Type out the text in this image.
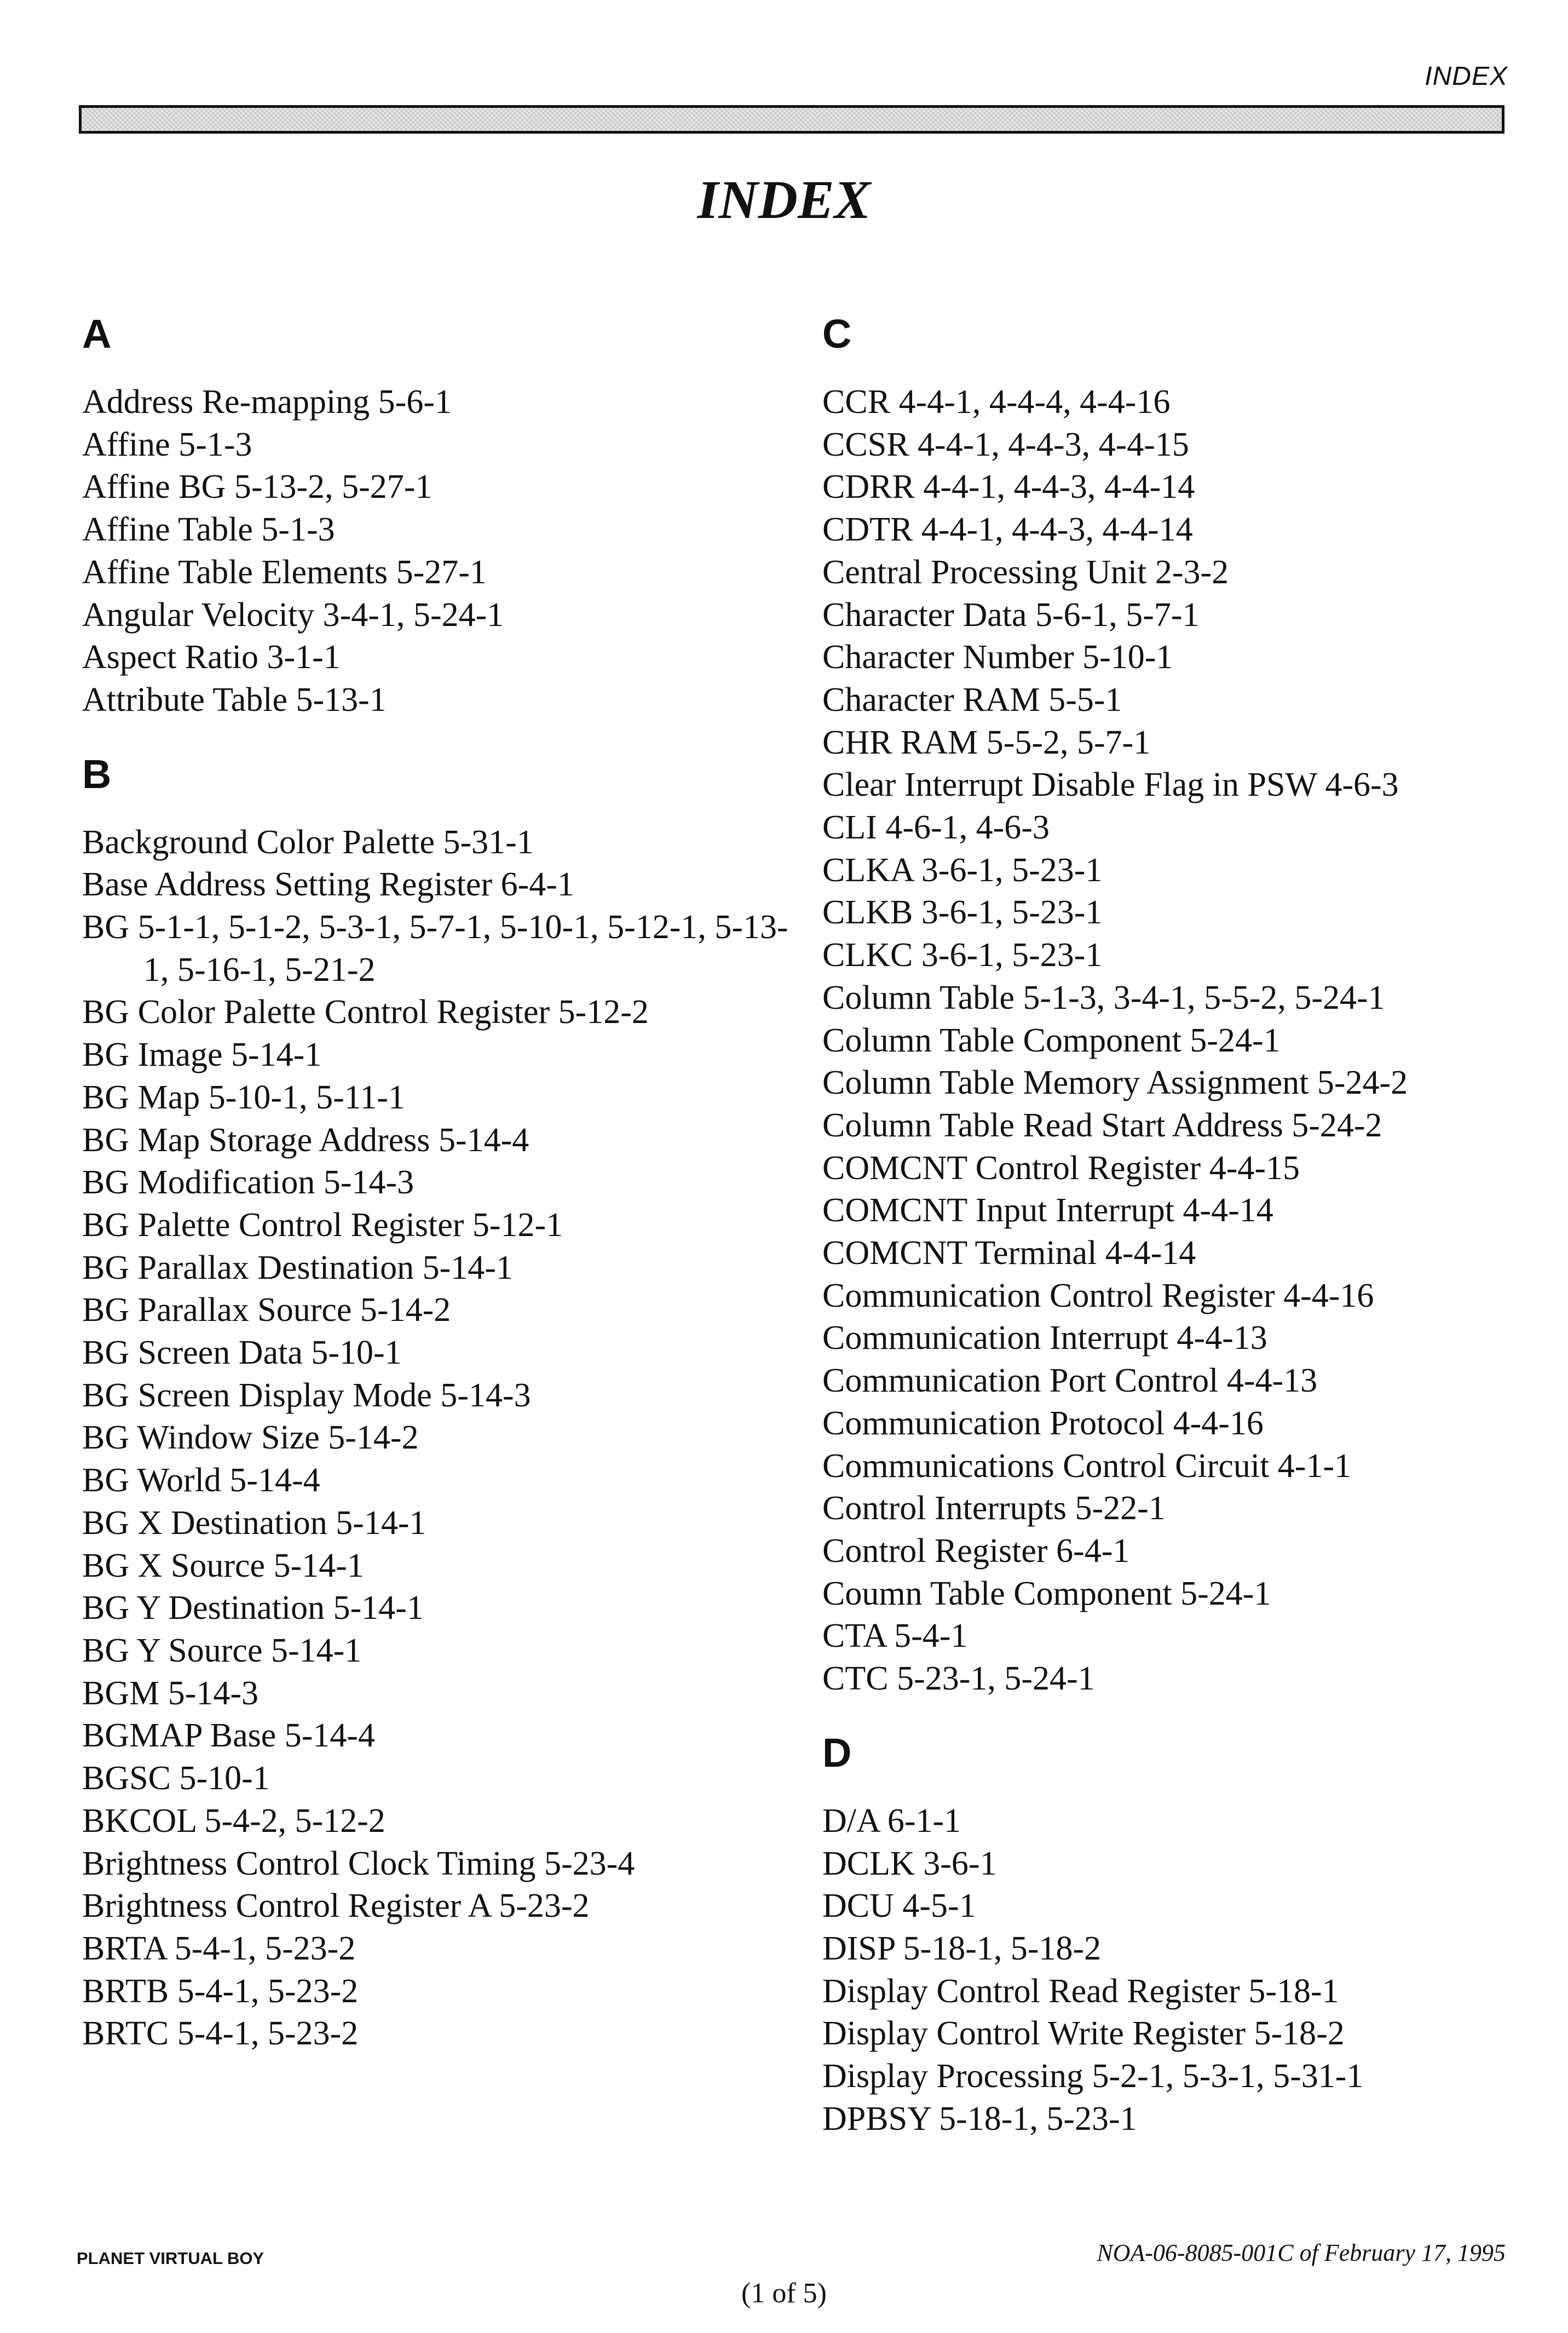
INDEX
INDEX
A
Address Re-mapping 5-6-1
Affine 5-1-3
Affine BG 5-13-2, 5-27-1
Affine Table 5-1-3
Affine Table Elements 5-27-1
Angular Velocity 3-4-1, 5-24-1
Aspect Ratio 3-1-1
Attribute Table 5-13-1
B
Background Color Palette 5-31-1
Base Address Setting Register 6-4-1
BG 5-1-1, 5-1-2, 5-3-1, 5-7-1, 5-10-1, 5-12-1, 5-13-1, 5-16-1, 5-21-2
BG Color Palette Control Register 5-12-2
BG Image 5-14-1
BG Map 5-10-1, 5-11-1
BG Map Storage Address 5-14-4
BG Modification 5-14-3
BG Palette Control Register 5-12-1
BG Parallax Destination 5-14-1
BG Parallax Source 5-14-2
BG Screen Data 5-10-1
BG Screen Display Mode 5-14-3
BG Window Size 5-14-2
BG World 5-14-4
BG X Destination 5-14-1
BG X Source 5-14-1
BG Y Destination 5-14-1
BG Y Source 5-14-1
BGM 5-14-3
BGMAP Base 5-14-4
BGSC 5-10-1
BKCOL 5-4-2, 5-12-2
Brightness Control Clock Timing 5-23-4
Brightness Control Register A 5-23-2
BRTA 5-4-1, 5-23-2
BRTB 5-4-1, 5-23-2
BRTC 5-4-1, 5-23-2
C
CCR 4-4-1, 4-4-4, 4-4-16
CCSR 4-4-1, 4-4-3, 4-4-15
CDRR 4-4-1, 4-4-3, 4-4-14
CDTR 4-4-1, 4-4-3, 4-4-14
Central Processing Unit 2-3-2
Character Data 5-6-1, 5-7-1
Character Number 5-10-1
Character RAM 5-5-1
CHR RAM 5-5-2, 5-7-1
Clear Interrupt Disable Flag in PSW 4-6-3
CLI 4-6-1, 4-6-3
CLKA 3-6-1, 5-23-1
CLKB 3-6-1, 5-23-1
CLKC 3-6-1, 5-23-1
Column Table 5-1-3, 3-4-1, 5-5-2, 5-24-1
Column Table Component 5-24-1
Column Table Memory Assignment 5-24-2
Column Table Read Start Address 5-24-2
COMCNT Control Register 4-4-15
COMCNT Input Interrupt 4-4-14
COMCNT Terminal 4-4-14
Communication Control Register 4-4-16
Communication Interrupt 4-4-13
Communication Port Control 4-4-13
Communication Protocol 4-4-16
Communications Control Circuit 4-1-1
Control Interrupts 5-22-1
Control Register 6-4-1
Coumn Table Component 5-24-1
CTA 5-4-1
CTC 5-23-1, 5-24-1
D
D/A 6-1-1
DCLK 3-6-1
DCU 4-5-1
DISP 5-18-1, 5-18-2
Display Control Read Register 5-18-1
Display Control Write Register 5-18-2
Display Processing 5-2-1, 5-3-1, 5-31-1
DPBSY 5-18-1, 5-23-1
PLANET VIRTUAL BOY	NOA-06-8085-001C of February 17, 1995
(1 of 5)
